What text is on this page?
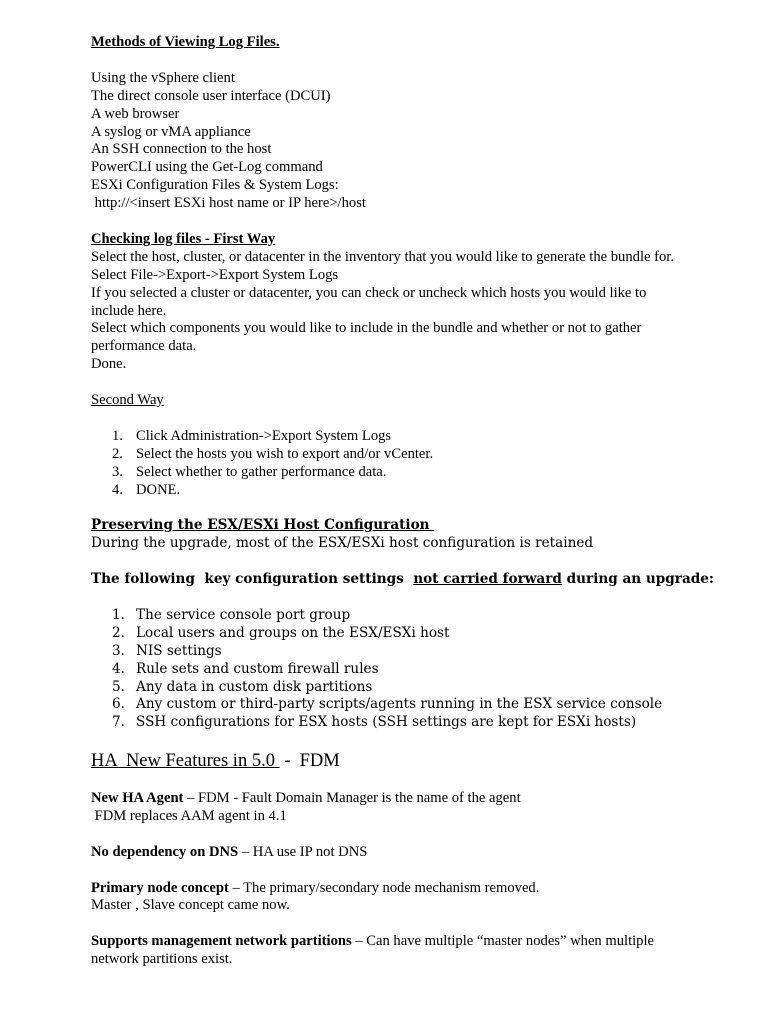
Methods of Viewing Log Files.

Using the vSphere client

The direct console user interface (DCUI)

A web browser

A syslog or vMA appliance

An SSH connection to the host

PowerCLI using the Get-Log command

ESXi Configuration Files & System Logs:

http://<insert ESXi host name or IP here>/host

Checking log files - First Way

Select the host, cluster, or datacenter in the inventory that you would like to generate the bundle for.

Select File->Export->Export System Logs

If you selected a cluster or datacenter, you can check or uncheck which hosts you would like to include here.

Select which components you would like to include in the bundle and whether or not to gather performance data.

Done.

Second Way

1. Click Administration->Export System Logs
2. Select the hosts you wish to export and/or vCenter.
3. Select whether to gather performance data.
4. DONE.

Preserving the ESX/ESXi Host Configuration

During the upgrade, most of the ESX/ESXi host configuration is retained

The following  key configuration settings  not carried forward during an upgrade:

1. The service console port group
2. Local users and groups on the ESX/ESXi host
3. NIS settings
4. Rule sets and custom firewall rules
5. Any data in custom disk partitions
6. Any custom or third-party scripts/agents running in the ESX service console
7. SSH configurations for ESX hosts (SSH settings are kept for ESXi hosts)

HA  New Features in 5.0  -  FDM

New HA Agent – FDM - Fault Domain Manager is the name of the agent

FDM replaces AAM agent in 4.1

No dependency on DNS – HA use IP not DNS

Primary node concept – The primary/secondary node mechanism removed.

Master , Slave concept came now.

Supports management network partitions – Can have multiple “master nodes” when multiple network partitions exist.
